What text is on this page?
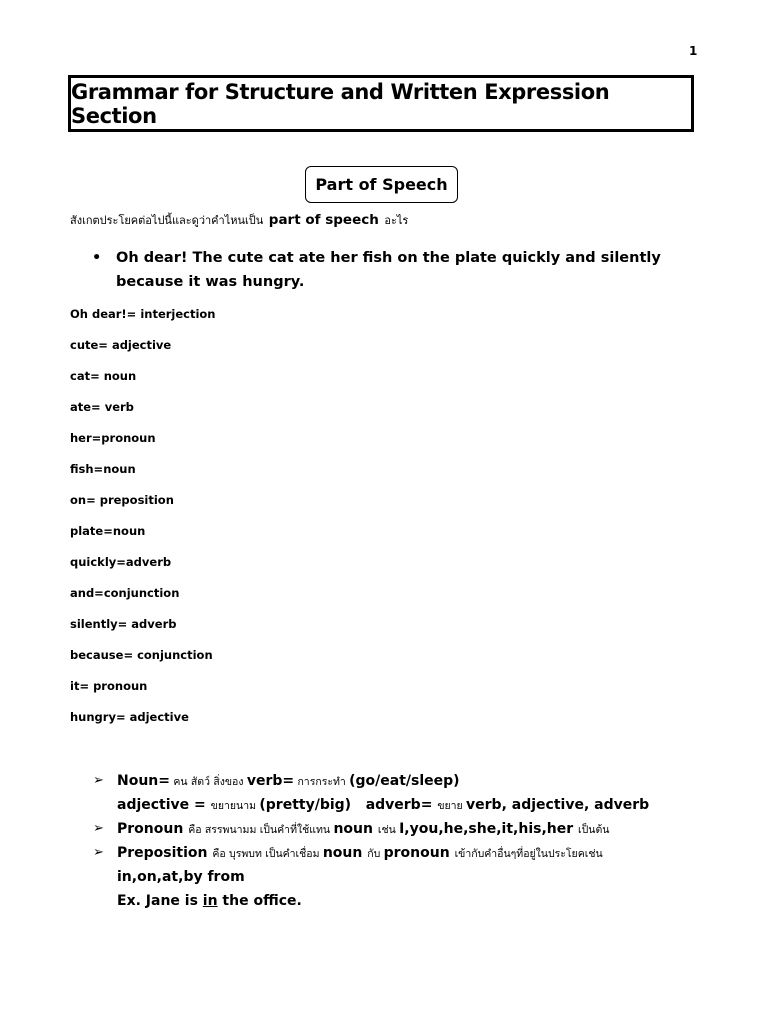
1
Grammar for Structure and Written Expression Section
Part of Speech
สังเกตประโยคต่อไปนี้และดูว่าคำไหนเป็น part of speech อะไร
• Oh dear! The cute cat ate her fish on the plate quickly and silently because it was hungry.
Oh dear!= interjection
cute= adjective
cat= noun
ate= verb
her=pronoun
fish=noun
on= preposition
plate=noun
quickly=adverb
and=conjunction
silently= adverb
because= conjunction
it= pronoun
hungry= adjective
➢ Noun= คน สัตว์ สิ่งของ verb= การกระทำ (go/eat/sleep)
adjective = ขยายนาม (pretty/big) adverb= ขยาย verb, adjective, adverb
➢ Pronoun คือ สรรพนามม เป็นคำที่ใช้แทน noun เช่น I,you,he,she,it,his,her เป็นต้น
➢ Preposition คือ บุรพบท เป็นคำเชื่อม noun กับ pronoun เข้ากับคำอื่นๆที่อยู่ในประโยคเช่น
in,on,at,by from
Ex. Jane is in the office.
